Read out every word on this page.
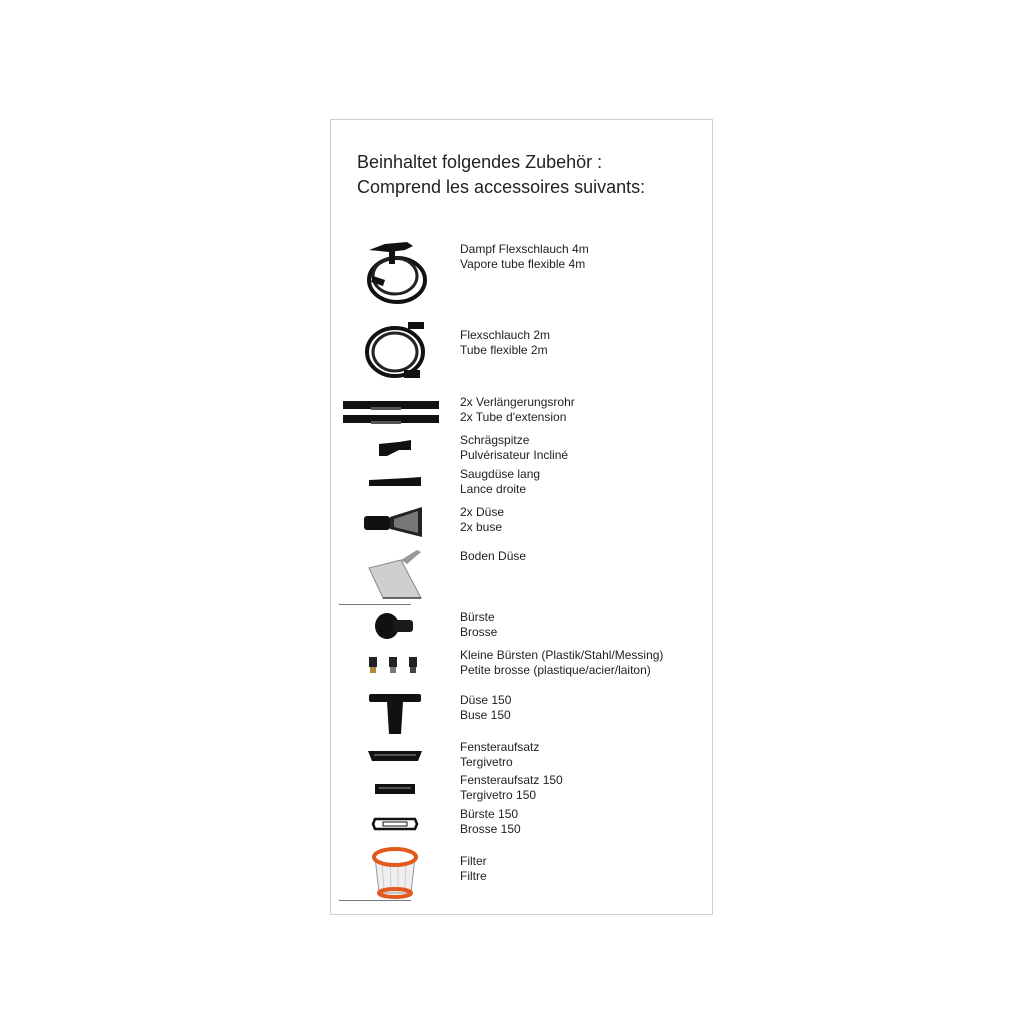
Beinhaltet folgendes Zubehör :
Comprend les accessoires suivants:
Dampf Flexschlauch 4m
Vapore tube flexible 4m
Flexschlauch 2m
Tube flexible 2m
2x Verlängerungsrohr
2x Tube d'extension
Schrägspitze
Pulvérisateur Incliné
Saugdüse lang
Lance droite
2x Düse
2x buse
Boden Düse
Bürste
Brosse
Kleine Bürsten (Plastik/Stahl/Messing)
Petite brosse (plastique/acier/laiton)
Düse 150
Buse 150
Fensteraufsatz
Tergivetro
Fensteraufsatz 150
Tergivetro 150
Bürste 150
Brosse 150
Filter
Filtre
